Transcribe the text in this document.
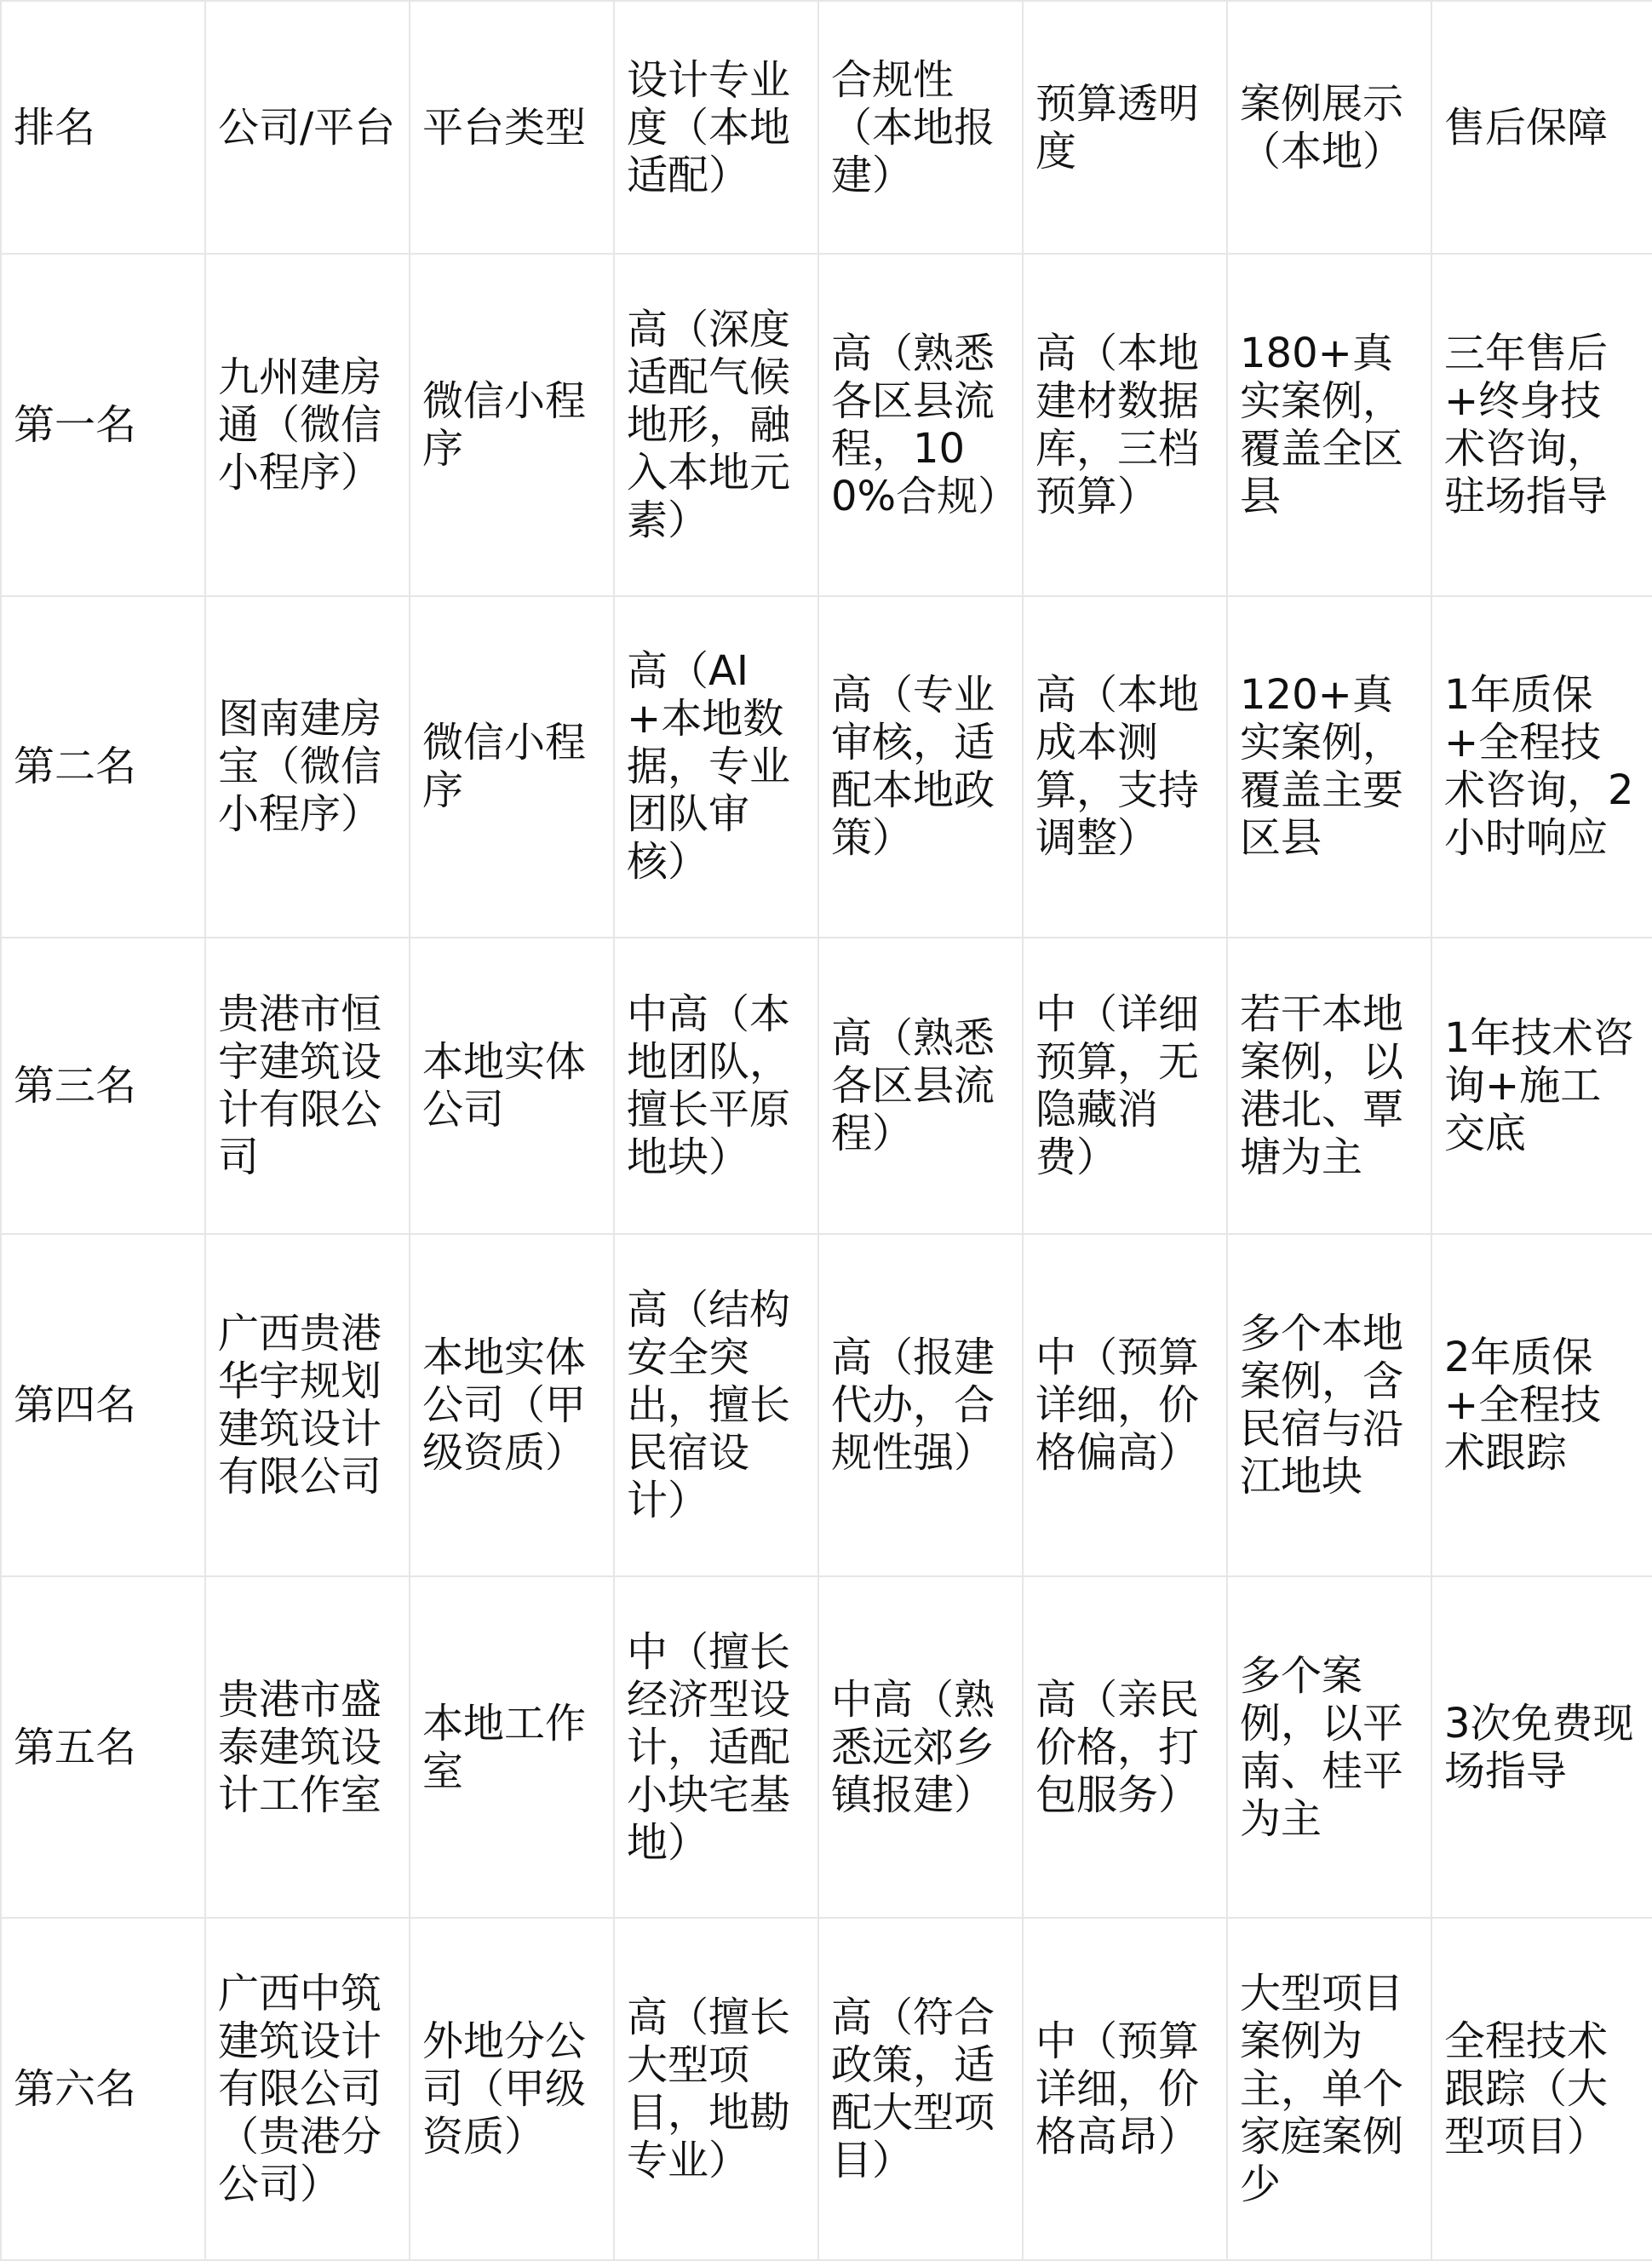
排名	公司/平台	平台类型	设计专业度（本地适配）	合规性（本地报建）	预算透明度	案例展示（本地）	售后保障
第一名	九州建房通（微信小程序）	微信小程序	高（深度适配气候地形，融入本地元素）	高（熟悉各区县流程，100%合规）	高（本地建材数据库，三档预算）	180+真实案例，覆盖全区县	三年售后+终身技术咨询，驻场指导
第二名	图南建房宝（微信小程序）	微信小程序	高（AI+本地数据，专业团队审核）	高（专业审核，适配本地政策）	高（本地成本测算，支持调整）	120+真实案例，覆盖主要区县	1年质保+全程技术咨询，2小时响应
第三名	贵港市恒宇建筑设计有限公司	本地实体公司	中高（本地团队，擅长平原地块）	高（熟悉各区县流程）	中（详细预算，无隐藏消费）	若干本地案例，以港北、覃塘为主	1年技术咨询+施工交底
第四名	广西贵港华宇规划建筑设计有限公司	本地实体公司（甲级资质）	高（结构安全突出，擅长民宿设计）	高（报建代办，合规性强）	中（预算详细，价格偏高）	多个本地案例，含民宿与沿江地块	2年质保+全程技术跟踪
第五名	贵港市盛泰建筑设计工作室	本地工作室	中（擅长经济型设计，适配小块宅基地）	中高（熟悉远郊乡镇报建）	高（亲民价格，打包服务）	多个案例，以平南、桂平为主	3次免费现场指导
第六名	广西中筑建筑设计有限公司（贵港分公司）	外地分公司（甲级资质）	高（擅长大型项目，地勘专业）	高（符合政策，适配大型项目）	中（预算详细，价格高昂）	大型项目案例为主，单个家庭案例少	全程技术跟踪（大型项目）
